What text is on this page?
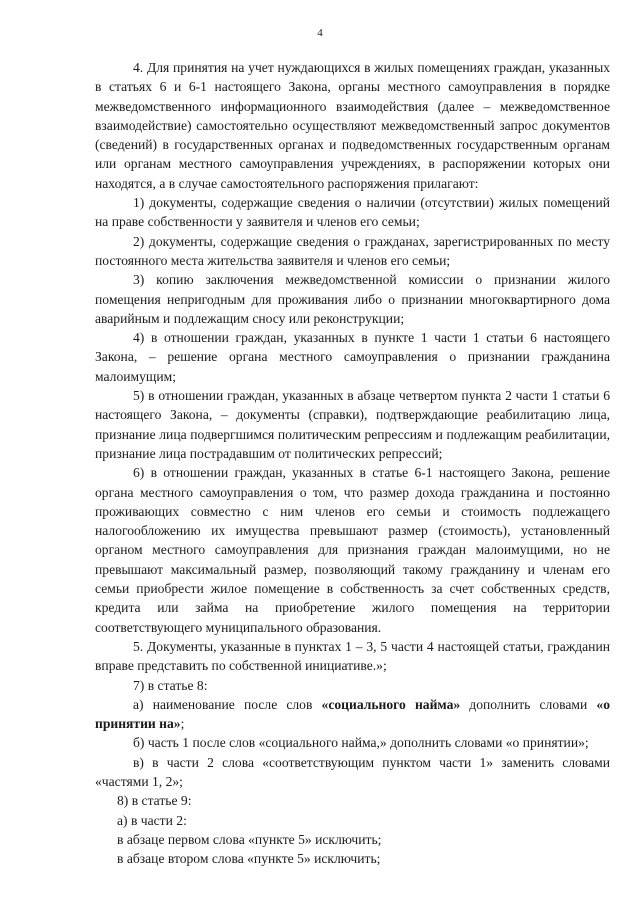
4

4. Для принятия на учет нуждающихся в жилых помещениях граждан, указанных в статьях 6 и 6-1 настоящего Закона, органы местного самоуправления в порядке межведомственного информационного взаимодействия (далее – межведомственное взаимодействие) самостоятельно осуществляют межведомственный запрос документов (сведений) в государственных органах и подведомственных государственным органам или органам местного самоуправления учреждениях, в распоряжении которых они находятся, а в случае самостоятельного распоряжения прилагают:

1) документы, содержащие сведения о наличии (отсутствии) жилых помещений на праве собственности у заявителя и членов его семьи;

2) документы, содержащие сведения о гражданах, зарегистрированных по месту постоянного места жительства заявителя и членов его семьи;

3) копию заключения межведомственной комиссии о признании жилого помещения непригодным для проживания либо о признании многоквартирного дома аварийным и подлежащим сносу или реконструкции;

4) в отношении граждан, указанных в пункте 1 части 1 статьи 6 настоящего Закона, – решение органа местного самоуправления о признании гражданина малоимущим;

5) в отношении граждан, указанных в абзаце четвертом пункта 2 части 1 статьи 6 настоящего Закона, – документы (справки), подтверждающие реабилитацию лица, признание лица подвергшимся политическим репрессиям и подлежащим реабилитации, признание лица пострадавшим от политических репрессий;

6) в отношении граждан, указанных в статье 6-1 настоящего Закона, решение органа местного самоуправления о том, что размер дохода гражданина и постоянно проживающих совместно с ним членов его семьи и стоимость подлежащего налогообложению их имущества превышают размер (стоимость), установленный органом местного самоуправления для признания граждан малоимущими, но не превышают максимальный размер, позволяющий такому гражданину и членам его семьи приобрести жилое помещение в собственность за счет собственных средств, кредита или займа на приобретение жилого помещения на территории соответствующего муниципального образования.

5. Документы, указанные в пунктах 1 – 3, 5 части 4 настоящей статьи, гражданин вправе представить по собственной инициативе.»;

7) в статье 8:

а) наименование после слов «социального найма» дополнить словами «о принятии на»;

б) часть 1 после слов «социального найма,» дополнить словами «о принятии»;

в) в части 2 слова «соответствующим пунктом части 1» заменить словами «частями 1, 2»;

8) в статье 9:

а) в части 2:

в абзаце первом слова «пункте 5» исключить;

в абзаце втором слова «пункте 5» исключить;
